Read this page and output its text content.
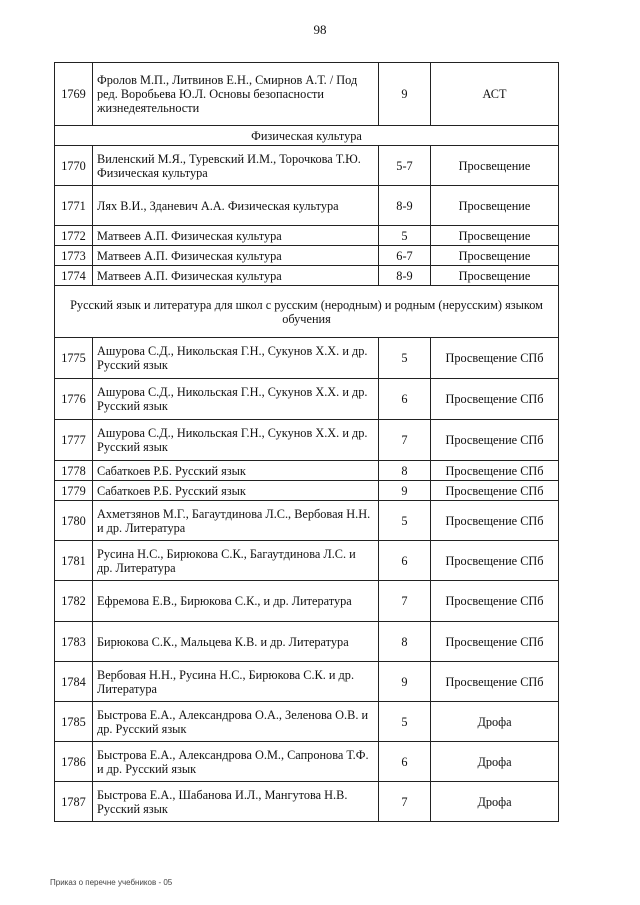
98
1769	Фролов М.П., Литвинов Е.Н., Смирнов А.Т. / Под ред. Воробьева Ю.Л. Основы безопасности жизнедеятельности	9	АСТ
Физическая культура			
1770	Виленский М.Я., Туревский И.М., Торочкова Т.Ю. Физическая культура	5-7	Просвещение
1771	Лях В.И., Зданевич А.А. Физическая культура	8-9	Просвещение
1772	Матвеев А.П. Физическая культура	5	Просвещение
1773	Матвеев А.П. Физическая культура	6-7	Просвещение
1774	Матвеев А.П. Физическая культура	8-9	Просвещение
Русский язык и литература для школ с русским (неродным) и родным (нерусским) языком обучения			
1775	Ашурова С.Д., Никольская Г.Н., Сукунов Х.Х. и др. Русский язык	5	Просвещение СПб
1776	Ашурова С.Д., Никольская Г.Н., Сукунов Х.Х. и др. Русский язык	6	Просвещение СПб
1777	Ашурова С.Д., Никольская Г.Н., Сукунов Х.Х. и др. Русский язык	7	Просвещение СПб
1778	Сабаткоев Р.Б. Русский язык	8	Просвещение СПб
1779	Сабаткоев Р.Б. Русский язык	9	Просвещение СПб
1780	Ахметзянов М.Г., Багаутдинова Л.С., Вербовая Н.Н. и др. Литература	5	Просвещение СПб
1781	Русина Н.С., Бирюкова С.К., Багаутдинова Л.С. и др. Литература	6	Просвещение СПб
1782	Ефремова Е.В., Бирюкова С.К., и др. Литература	7	Просвещение СПб
1783	Бирюкова С.К., Мальцева К.В. и др. Литература	8	Просвещение СПб
1784	Вербовая Н.Н., Русина Н.С., Бирюкова С.К. и др. Литература	9	Просвещение СПб
1785	Быстрова Е.А., Александрова О.А., Зеленова О.В. и др. Русский язык	5	Дрофа
1786	Быстрова Е.А., Александрова О.М., Сапронова Т.Ф. и др. Русский язык	6	Дрофа
1787	Быстрова Е.А., Шабанова И.Л., Мангутова Н.В. Русский язык	7	Дрофа
Приказ о перечне учебников - 05
